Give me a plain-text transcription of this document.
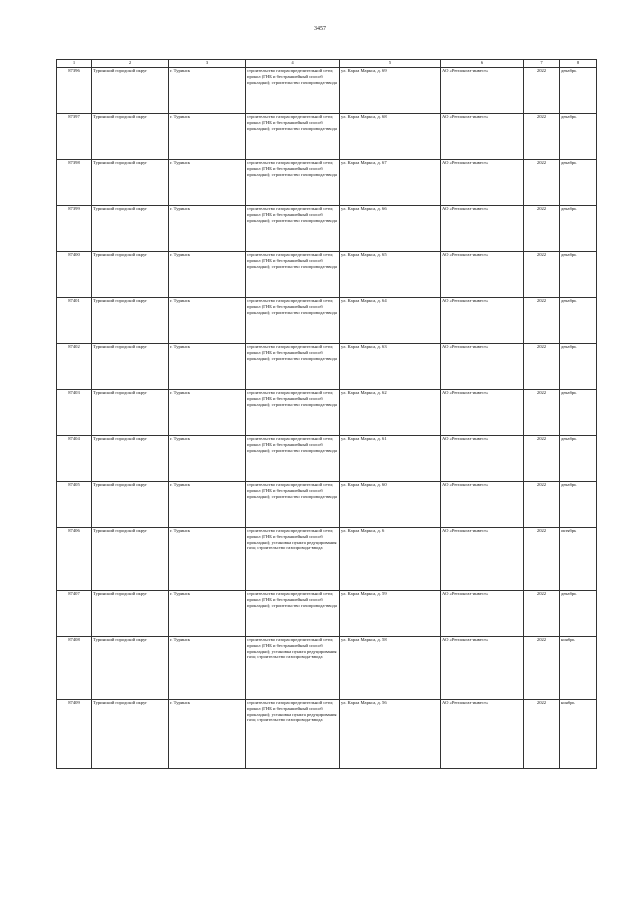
3457
1	2	3	4	5	6	7	8
87396	Туринский городской округ	г. Туринск	строительство газораспределительной сети; прокол (ГНБ и бестраншейный способ прокладки); строительство газопровода-ввода	ул. Карла Маркса, д. 69	АО «Регионгаз-инвест»	2022	декабрь
87397	Туринский городской округ	г. Туринск	строительство газораспределительной сети; прокол (ГНБ и бестраншейный способ прокладки); строительство газопровода-ввода	ул. Карла Маркса, д. 68	АО «Регионгаз-инвест»	2022	декабрь
87398	Туринский городской округ	г. Туринск	строительство газораспределительной сети; прокол (ГНБ и бестраншейный способ прокладки); строительство газопровода-ввода	ул. Карла Маркса, д. 67	АО «Регионгаз-инвест»	2022	декабрь
87399	Туринский городской округ	г. Туринск	строительство газораспределительной сети; прокол (ГНБ и бестраншейный способ прокладки); строительство газопровода-ввода	ул. Карла Маркса, д. 66	АО «Регионгаз-инвест»	2022	декабрь
87400	Туринский городской округ	г. Туринск	строительство газораспределительной сети; прокол (ГНБ и бестраншейный способ прокладки); строительство газопровода-ввода	ул. Карла Маркса, д. 65	АО «Регионгаз-инвест»	2022	декабрь
87401	Туринский городской округ	г. Туринск	строительство газораспределительной сети; прокол (ГНБ и бестраншейный способ прокладки); строительство газопровода-ввода	ул. Карла Маркса, д. 64	АО «Регионгаз-инвест»	2022	декабрь
87402	Туринский городской округ	г. Туринск	строительство газораспределительной сети; прокол (ГНБ и бестраншейный способ прокладки); строительство газопровода-ввода	ул. Карла Маркса, д. 63	АО «Регионгаз-инвест»	2022	декабрь
87403	Туринский городской округ	г. Туринск	строительство газораспределительной сети; прокол (ГНБ и бестраншейный способ прокладки); строительство газопровода-ввода	ул. Карла Маркса, д. 62	АО «Регионгаз-инвест»	2022	декабрь
87404	Туринский городской округ	г. Туринск	строительство газораспределительной сети; прокол (ГНБ и бестраншейный способ прокладки); строительство газопровода-ввода	ул. Карла Маркса, д. 61	АО «Регионгаз-инвест»	2022	декабрь
87405	Туринский городской округ	г. Туринск	строительство газораспределительной сети; прокол (ГНБ и бестраншейный способ прокладки); строительство газопровода-ввода	ул. Карла Маркса, д. 60	АО «Регионгаз-инвест»	2022	декабрь
87406	Туринский городской округ	г. Туринск	строительство газораспределительной сети; прокол (ГНБ и бестраншейный способ прокладки); установка пункта редуцирования газа; строительство газопровода-ввода	ул. Карла Маркса, д. 6	АО «Регионгаз-инвест»	2022	октябрь
87407	Туринский городской округ	г. Туринск	строительство газораспределительной сети; прокол (ГНБ и бестраншейный способ прокладки); строительство газопровода-ввода	ул. Карла Маркса, д. 59	АО «Регионгаз-инвест»	2022	декабрь
87408	Туринский городской округ	г. Туринск	строительство газораспределительной сети; прокол (ГНБ и бестраншейный способ прокладки); установка пункта редуцирования газа; строительство газопровода-ввода	ул. Карла Маркса, д. 58	АО «Регионгаз-инвест»	2022	ноябрь
87409	Туринский городской округ	г. Туринск	строительство газораспределительной сети; прокол (ГНБ и бестраншейный способ прокладки); установка пункта редуцирования газа; строительство газопровода-ввода	ул. Карла Маркса, д. 56	АО «Регионгаз-инвест»	2022	ноябрь
